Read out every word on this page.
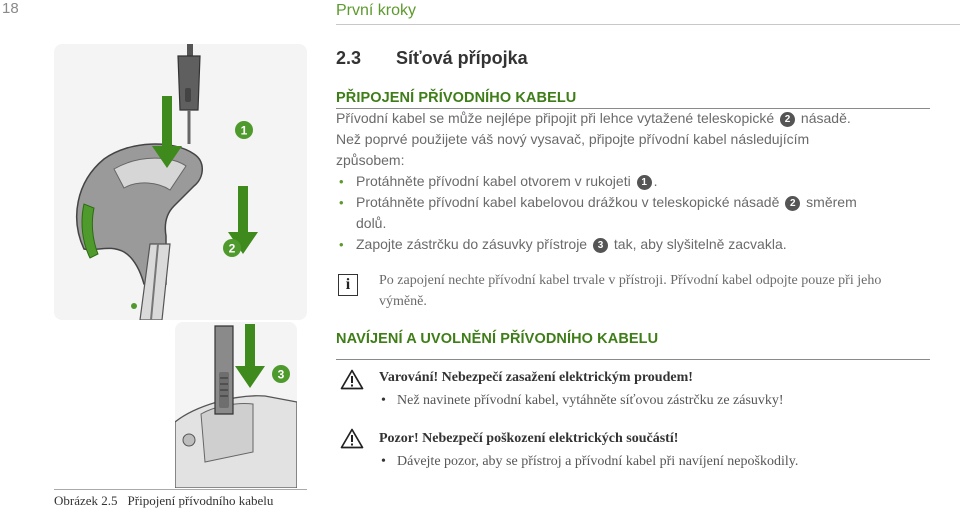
18	První kroky
2.3 Síťová přípojka
PŘIPOJENÍ PŘÍVODNÍHO KABELU
Přívodní kabel se může nejlépe připojit při lehce vytažené teleskopické 2 násadě. Než poprvé použijete váš nový vysavač, připojte přívodní kabel následujícím způsobem:
• Protáhněte přívodní kabel otvorem v rukojeti 1 .
• Protáhněte přívodní kabel kabelovou drážkou v teleskopické násadě 2 směrem dolů.
• Zapojte zástrčku do zásuvky přístroje 3 tak, aby slyšitelně zacvakla.
i	Po zapojení nechte přívodní kabel trvale v přístroji. Přívodní kabel odpojte pouze při jeho výměně.
NAVÍJENÍ A UVOLNĚNÍ PŘÍVODNÍHO KABELU
Varování! Nebezpečí zasažení elektrickým proudem!
• Než navinete přívodní kabel, vytáhněte síťovou zástrčku ze zásuvky!
Pozor! Nebezpečí poškození elektrických součástí!
• Dávejte pozor, aby se přístroj a přívodní kabel při navíjení nepoškodily.
1
2
3
Obrázek 2.5 Připojení přívodního kabelu
